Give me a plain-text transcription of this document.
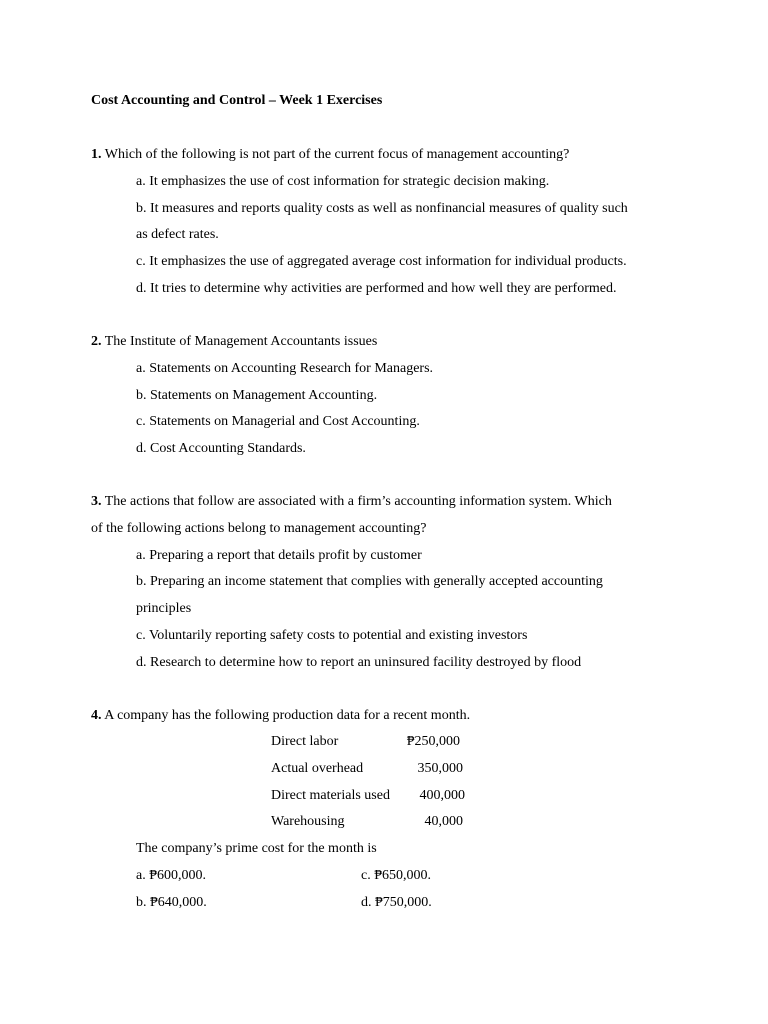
Cost Accounting and Control – Week 1 Exercises
1. Which of the following is not part of the current focus of management accounting?
a. It emphasizes the use of cost information for strategic decision making.
b. It measures and reports quality costs as well as nonfinancial measures of quality such
as defect rates.
c. It emphasizes the use of aggregated average cost information for individual products.
d. It tries to determine why activities are performed and how well they are performed.
2. The Institute of Management Accountants issues
a. Statements on Accounting Research for Managers.
b. Statements on Management Accounting.
c. Statements on Managerial and Cost Accounting.
d. Cost Accounting Standards.
3. The actions that follow are associated with a firm’s accounting information system. Which
of the following actions belong to management accounting?
a. Preparing a report that details profit by customer
b. Preparing an income statement that complies with generally accepted accounting
principles
c. Voluntarily reporting safety costs to potential and existing investors
d. Research to determine how to report an uninsured facility destroyed by flood
4. A company has the following production data for a recent month.
Direct labor	₱250,000
Actual overhead	350,000
Direct materials used 400,000
Warehousing	40,000
The company’s prime cost for the month is
a. ₱600,000.
b. ₱640,000.
c. ₱650,000.
d. ₱750,000.
